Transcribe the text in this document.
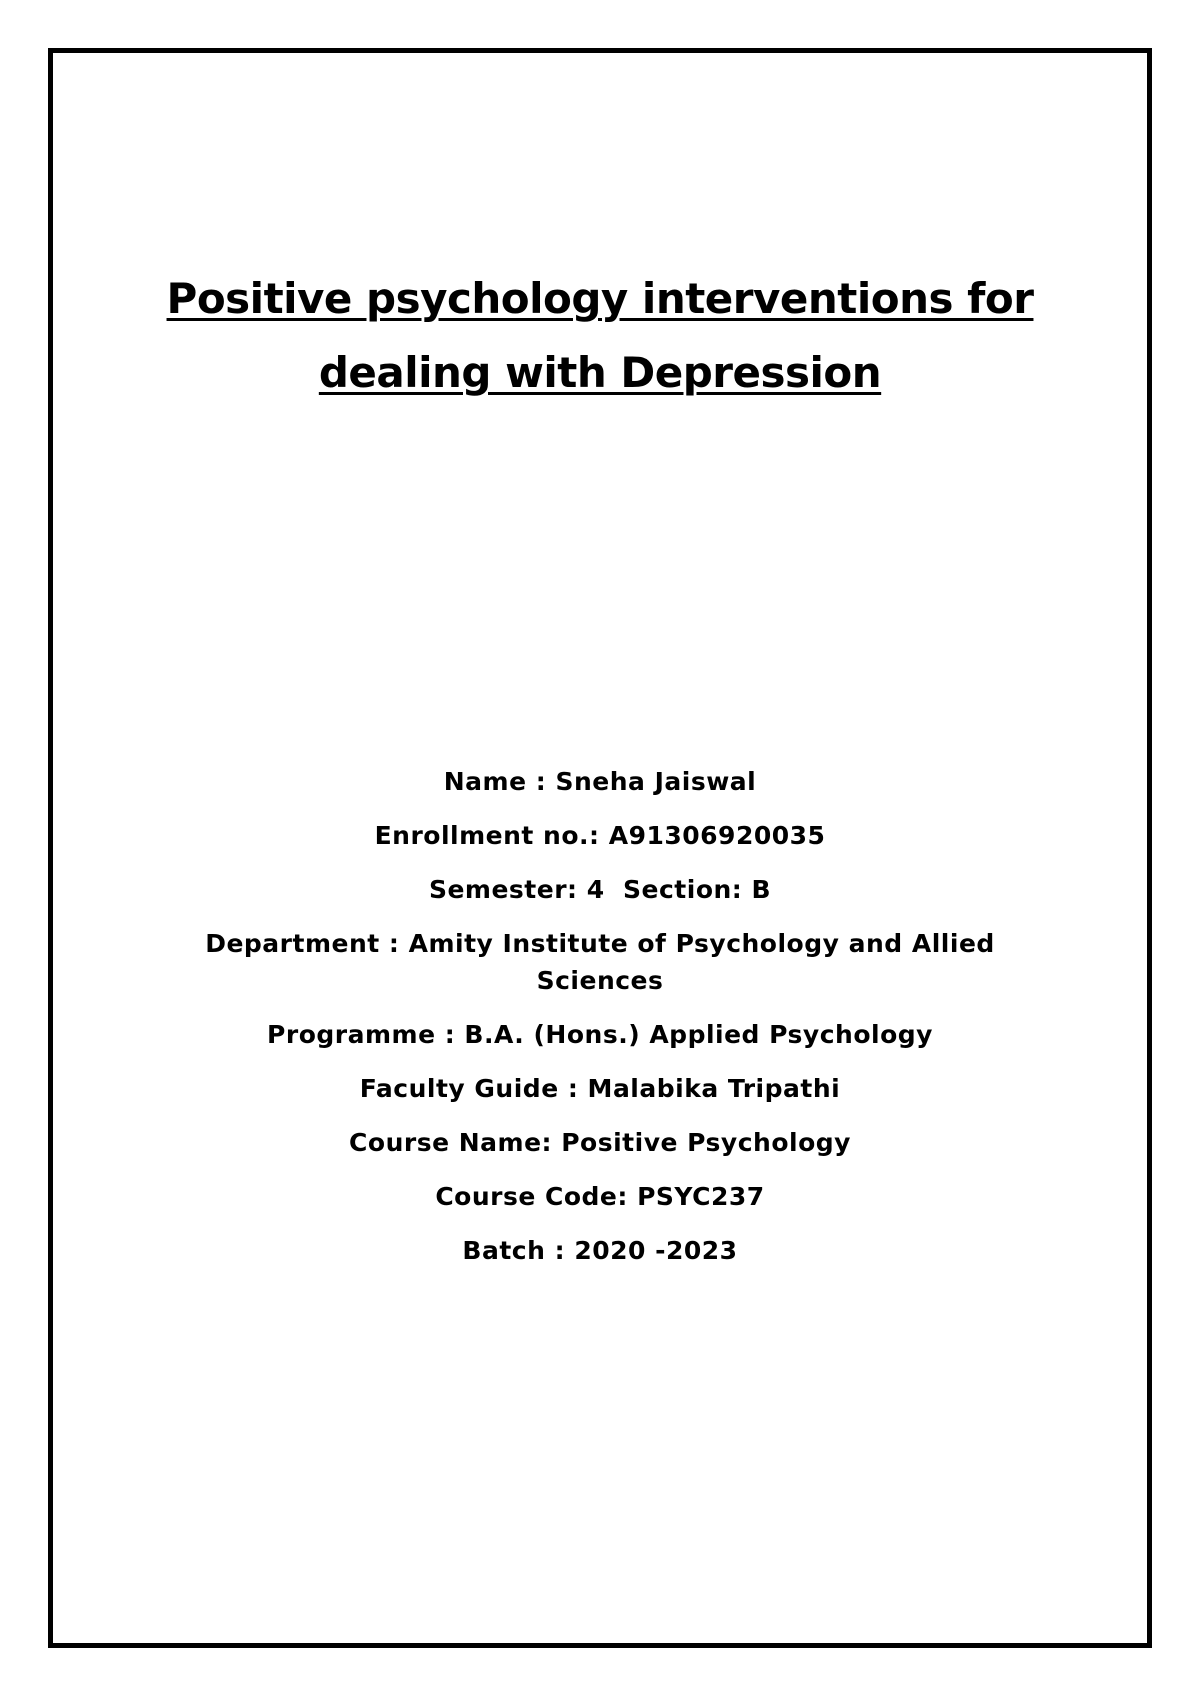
Positive psychology interventions for
dealing with Depression

Name : Sneha Jaiswal

Enrollment no.: A91306920035

Semester: 4  Section: B

Department : Amity Institute of Psychology and Allied Sciences

Programme : B.A. (Hons.) Applied Psychology

Faculty Guide : Malabika Tripathi

Course Name: Positive Psychology

Course Code: PSYC237

Batch : 2020 -2023
